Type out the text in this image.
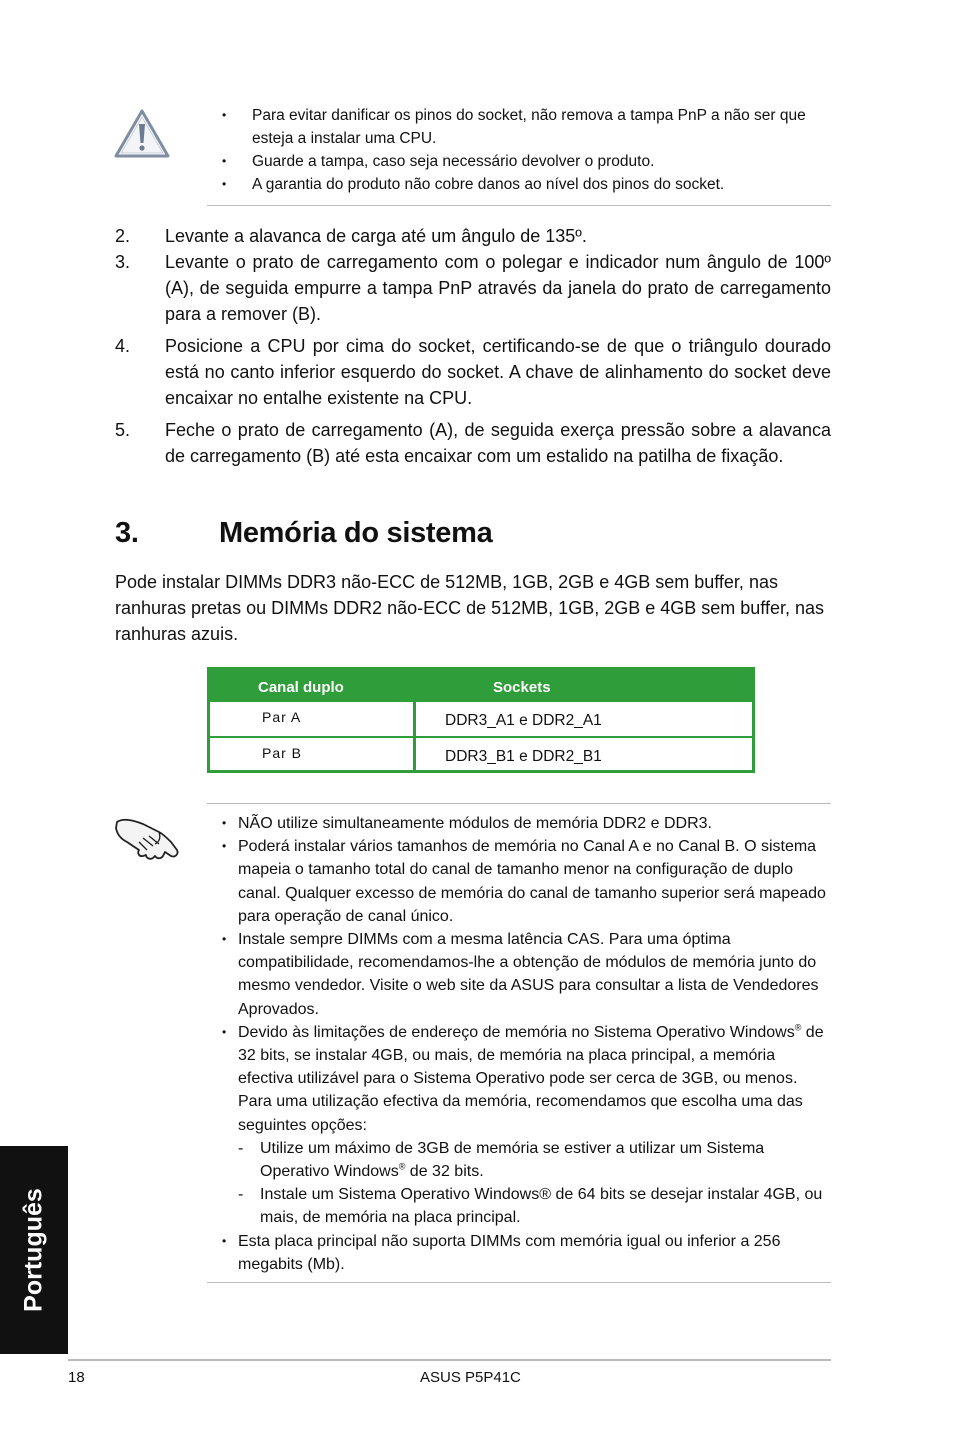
• Para evitar danificar os pinos do socket, não remova a tampa PnP a não ser que esteja a instalar uma CPU.
• Guarde a tampa, caso seja necessário devolver o produto.
• A garantia do produto não cobre danos ao nível dos pinos do socket.
2. Levante a alavanca de carga até um ângulo de 135º.
3. Levante o prato de carregamento com o polegar e indicador num ângulo de 100º (A), de seguida empurre a tampa PnP através da janela do prato de carregamento para a remover (B).
4. Posicione a CPU por cima do socket, certificando-se de que o triângulo dourado está no canto inferior esquerdo do socket. A chave de alinhamento do socket deve encaixar no entalhe existente na CPU.
5. Feche o prato de carregamento (A), de seguida exerça pressão sobre a alavanca de carregamento (B) até esta encaixar com um estalido na patilha de fixação.
3.	Memória do sistema
Pode instalar DIMMs DDR3 não-ECC de 512MB, 1GB, 2GB e 4GB sem buffer, nas ranhuras pretas ou DIMMs DDR2 não-ECC de 512MB, 1GB, 2GB e 4GB sem buffer, nas ranhuras azuis.
Canal duplo	Sockets
Par A	DDR3_A1 e DDR2_A1
Par B	DDR3_B1 e DDR2_B1
• NÃO utilize simultaneamente módulos de memória DDR2 e DDR3.
• Poderá instalar vários tamanhos de memória no Canal A e no Canal B. O sistema mapeia o tamanho total do canal de tamanho menor na configuração de duplo canal. Qualquer excesso de memória do canal de tamanho superior será mapeado para operação de canal único.
• Instale sempre DIMMs com a mesma latência CAS. Para uma óptima compatibilidade, recomendamos-lhe a obtenção de módulos de memória junto do mesmo vendedor. Visite o web site da ASUS para consultar a lista de Vendedores Aprovados.
• Devido às limitações de endereço de memória no Sistema Operativo Windows® de 32 bits, se instalar 4GB, ou mais, de memória na placa principal, a memória efectiva utilizável para o Sistema Operativo pode ser cerca de 3GB, ou menos. Para uma utilização efectiva da memória, recomendamos que escolha uma das seguintes opções:
- Utilize um máximo de 3GB de memória se estiver a utilizar um Sistema Operativo Windows® de 32 bits.
- Instale um Sistema Operativo Windows® de 64 bits se desejar instalar 4GB, ou mais, de memória na placa principal.
• Esta placa principal não suporta DIMMs com memória igual ou inferior a 256 megabits (Mb).
Português
18	ASUS P5P41C
